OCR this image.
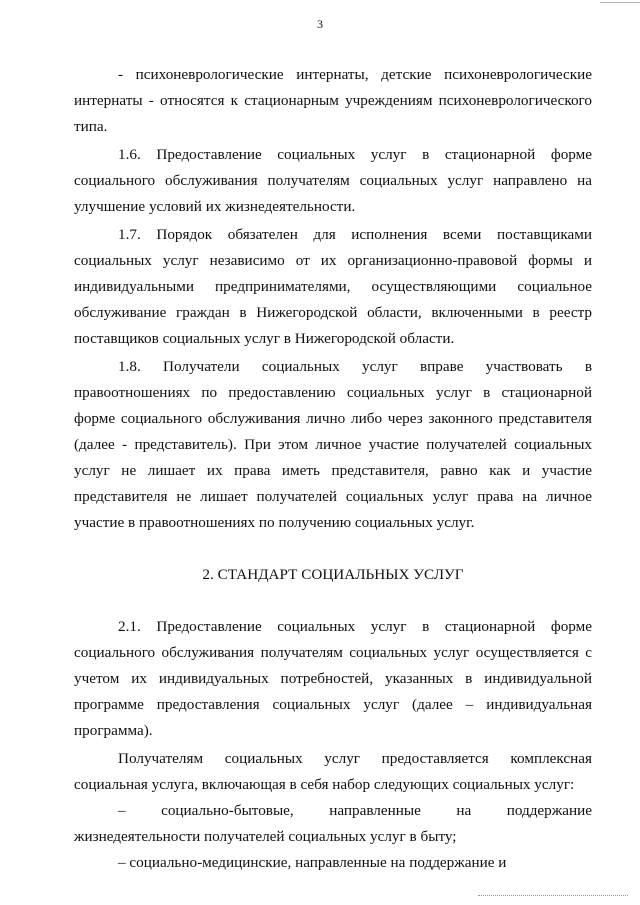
3

- психоневрологические интернаты, детские психоневрологические интернаты - относятся к стационарным учреждениям психоневрологического типа.

1.6. Предоставление социальных услуг в стационарной форме социального обслуживания получателям социальных услуг направлено на улучшение условий их жизнедеятельности.

1.7. Порядок обязателен для исполнения всеми поставщиками социальных услуг независимо от их организационно-правовой формы и индивидуальными предпринимателями, осуществляющими социальное обслуживание граждан в Нижегородской области, включенными в реестр поставщиков социальных услуг в Нижегородской области.

1.8. Получатели социальных услуг вправе участвовать в правоотношениях по предоставлению социальных услуг в стационарной форме социального обслуживания лично либо через законного представителя (далее - представитель). При этом личное участие получателей социальных услуг не лишает их права иметь представителя, равно как и участие представителя не лишает получателей социальных услуг права на личное участие в правоотношениях по получению социальных услуг.

2. СТАНДАРТ СОЦИАЛЬНЫХ УСЛУГ

2.1. Предоставление социальных услуг в стационарной форме социального обслуживания получателям социальных услуг осуществляется с учетом их индивидуальных потребностей, указанных в индивидуальной программе предоставления социальных услуг (далее – индивидуальная программа).

Получателям социальных услуг предоставляется комплексная социальная услуга, включающая в себя набор следующих социальных услуг:

– социально-бытовые, направленные на поддержание жизнедеятельности получателей социальных услуг в быту;

– социально-медицинские, направленные на поддержание и
